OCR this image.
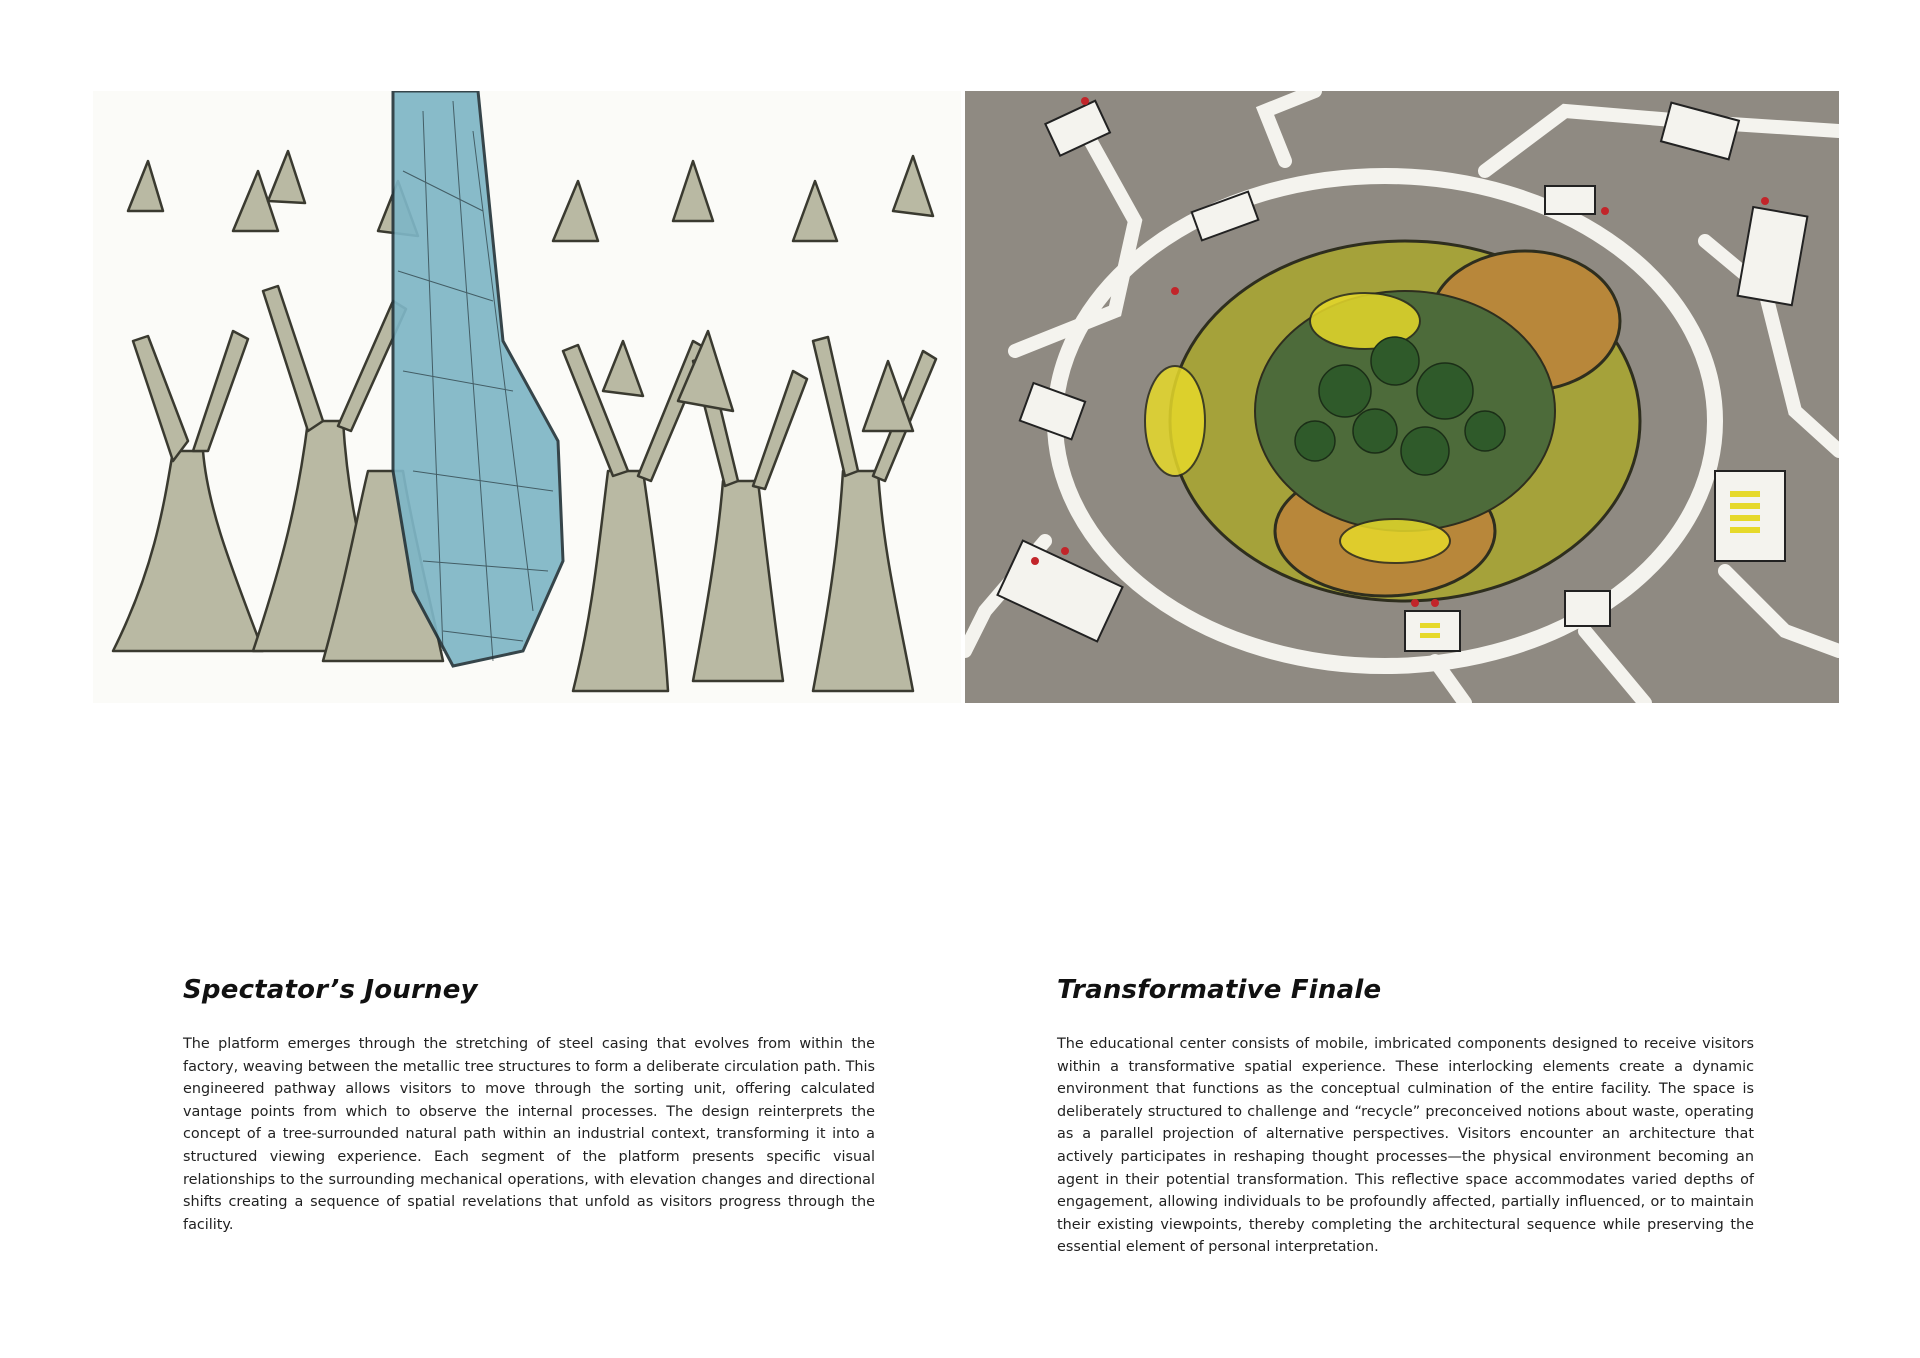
Spectator’s Journey

The platform emerges through the stretching of steel casing that evolves from within the factory, weaving between the metallic tree structures to form a deliberate circulation path. This engineered pathway allows visitors to move through the sorting unit, offering calculated vantage points from which to observe the internal processes. The design reinterprets the concept of a tree-surrounded natural path within an industrial context, transforming it into a structured viewing experience. Each segment of the platform presents specific visual relationships to the surrounding mechanical operations, with elevation changes and directional shifts creating a sequence of spatial revelations that unfold as visitors progress through the facility.

Transformative Finale

The educational center consists of mobile, imbricated components designed to receive visitors within a transformative spatial experience. These interlocking elements create a dynamic environment that functions as the conceptual culmination of the entire facility. The space is deliberately structured to challenge and “recycle” preconceived notions about waste, operating as a parallel projection of alternative perspectives. Visitors encounter an architecture that actively participates in reshaping thought processes—the physical environment becoming an agent in their potential transformation. This reflective space accommodates varied depths of engagement, allowing individuals to be profoundly affected, partially influenced, or to maintain their existing viewpoints, thereby completing the architectural sequence while preserving the essential element of personal interpretation.
